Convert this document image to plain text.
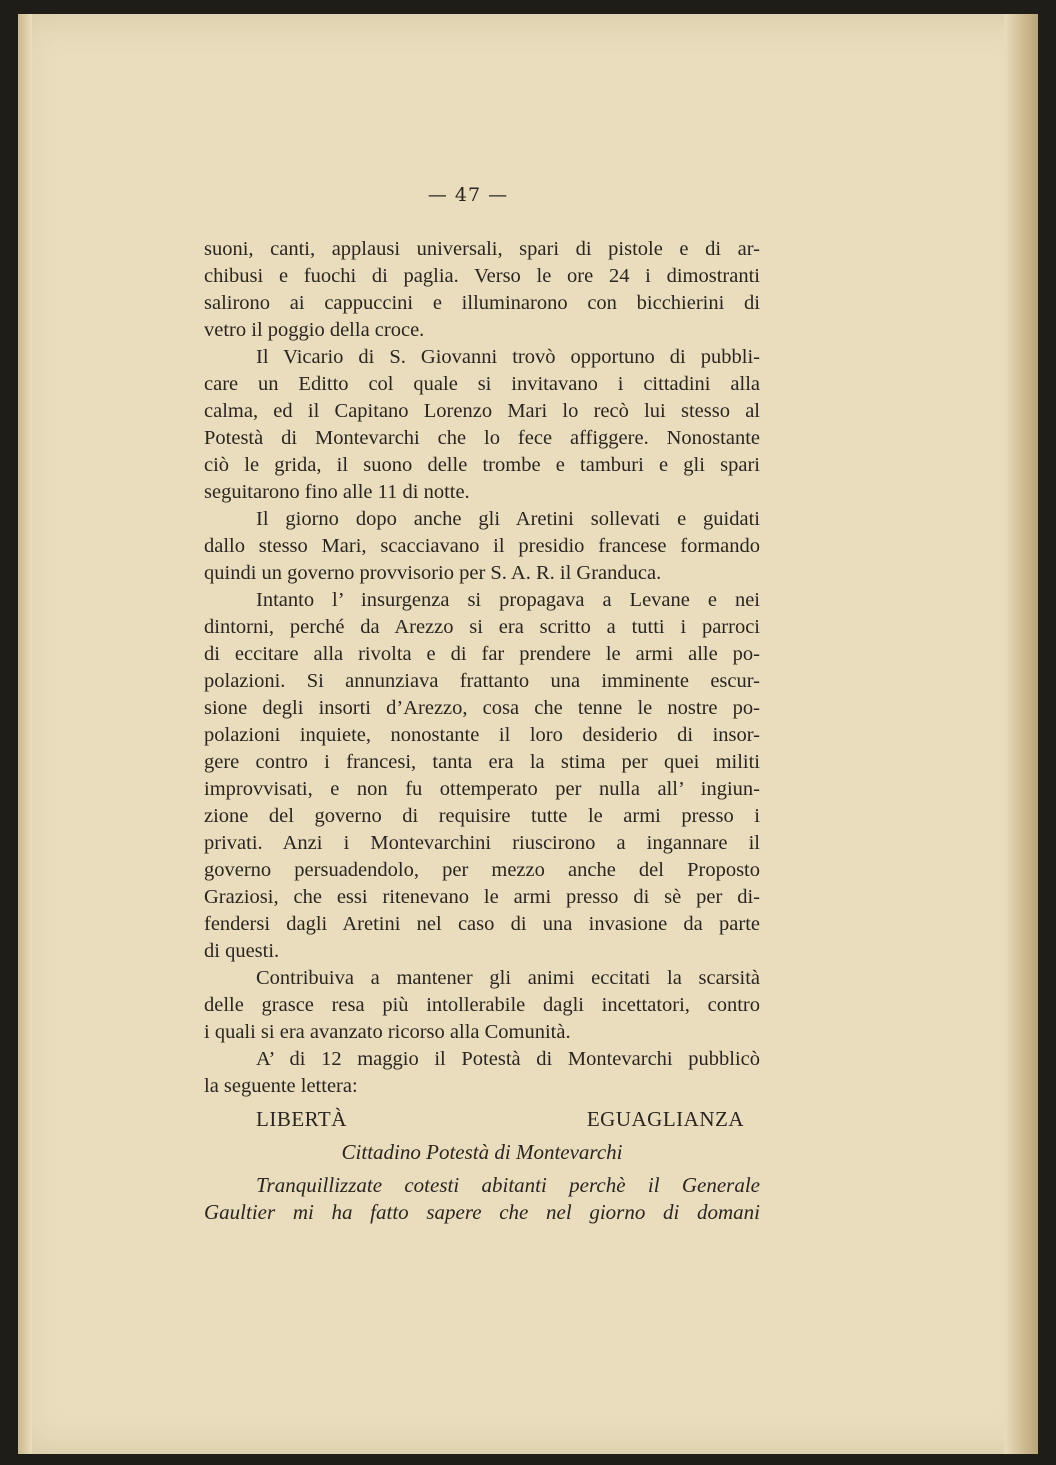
— 47 —
suoni, canti, applausi universali, spari di pistole e di ar-
chibusi e fuochi di paglia. Verso le ore 24 i dimostranti
salirono ai cappuccini e illuminarono con bicchierini di
vetro il poggio della croce.
Il Vicario di S. Giovanni trovò opportuno di pubbli-
care un Editto col quale si invitavano i cittadini alla
calma, ed il Capitano Lorenzo Mari lo recò lui stesso al
Potestà di Montevarchi che lo fece affiggere. Nonostante
ciò le grida, il suono delle trombe e tamburi e gli spari
seguitarono fino alle 11 di notte.
Il giorno dopo anche gli Aretini sollevati e guidati
dallo stesso Mari, scacciavano il presidio francese formando
quindi un governo provvisorio per S. A. R. il Granduca.
Intanto l’ insurgenza si propagava a Levane e nei
dintorni, perché da Arezzo si era scritto a tutti i parroci
di eccitare alla rivolta e di far prendere le armi alle po-
polazioni. Si annunziava frattanto una imminente escur-
sione degli insorti d’Arezzo, cosa che tenne le nostre po-
polazioni inquiete, nonostante il loro desiderio di insor-
gere contro i francesi, tanta era la stima per quei militi
improvvisati, e non fu ottemperato per nulla all’ ingiun-
zione del governo di requisire tutte le armi presso i
privati. Anzi i Montevarchini riuscirono a ingannare il
governo persuadendolo, per mezzo anche del Proposto
Graziosi, che essi ritenevano le armi presso di sè per di-
fendersi dagli Aretini nel caso di una invasione da parte
di questi.
Contribuiva a mantener gli animi eccitati la scarsità
delle grasce resa più intollerabile dagli incettatori, contro
i quali si era avanzato ricorso alla Comunità.
A’ di 12 maggio il Potestà di Montevarchi pubblicò
la seguente lettera:
LIBERTÀ	EGUAGLIANZA
Cittadino Potestà di Montevarchi
Tranquillizzate cotesti abitanti perchè il Generale
Gaultier mi ha fatto sapere che nel giorno di domani
